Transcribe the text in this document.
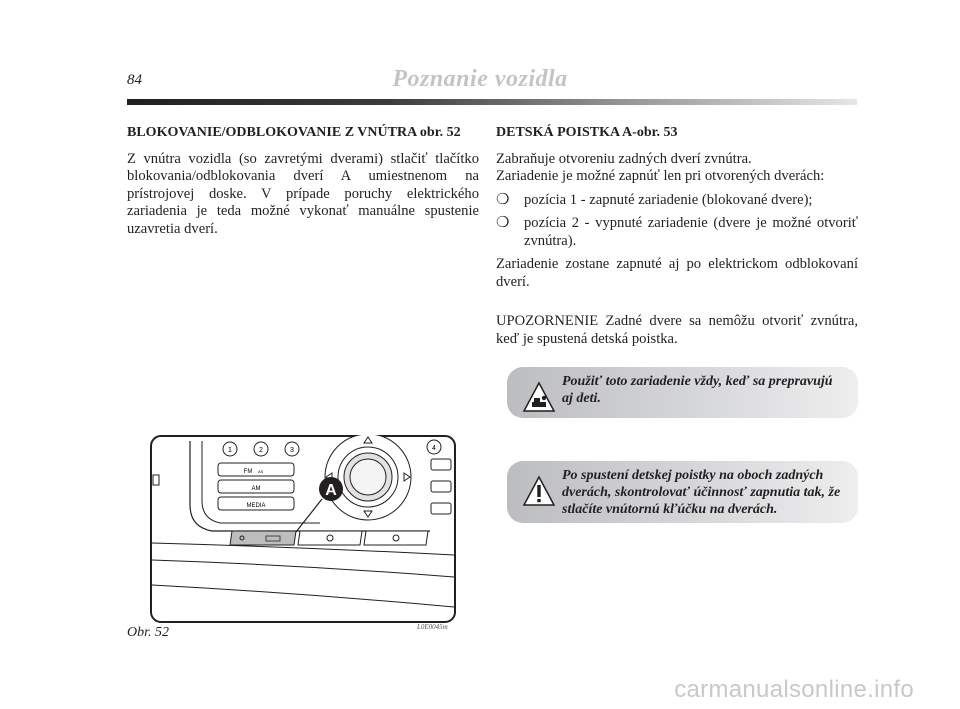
84	Poznanie vozidla
BLOKOVANIE/ODBLOKOVANIE Z VNÚTRA obr. 52

Z vnútra vozidla (so zavretými dverami) stlačiť tlačítko blokovania/odblokovania dverí A umiestnenom na prístrojovej doske. V prípade poruchy elektrického zariadenia je teda možné vykonať manuálne spustenie uzavretia dverí.

DETSKÁ POISTKA A-obr. 53

Zabraňuje otvoreniu zadných dverí zvnútra.

Zariadenie je možné zapnúť len pri otvorených dverách:

❍ pozícia 1 - zapnuté zariadenie (blokované dvere);
❍ pozícia 2 - vypnuté zariadenie (dvere je možné otvoriť zvnútra).

Zariadenie zostane zapnuté aj po elektrickom odblokovaní dverí.

UPOZORNENIE Zadné dvere sa nemôžu otvoriť zvnútra, keď je spustená detská poistka.

Použiť toto zariadenie vždy, keď sa prepravujú aj deti.
Po spustení detskej poistky na oboch zadných dverách, skontrolovať účinnosť zapnutia tak, že stlačíte vnútornú kľúčku na dverách.
1	2	3	4
FM AS
AM
MEDIA
A
Obr. 52	L0E0045m
carmanualsonline.info
